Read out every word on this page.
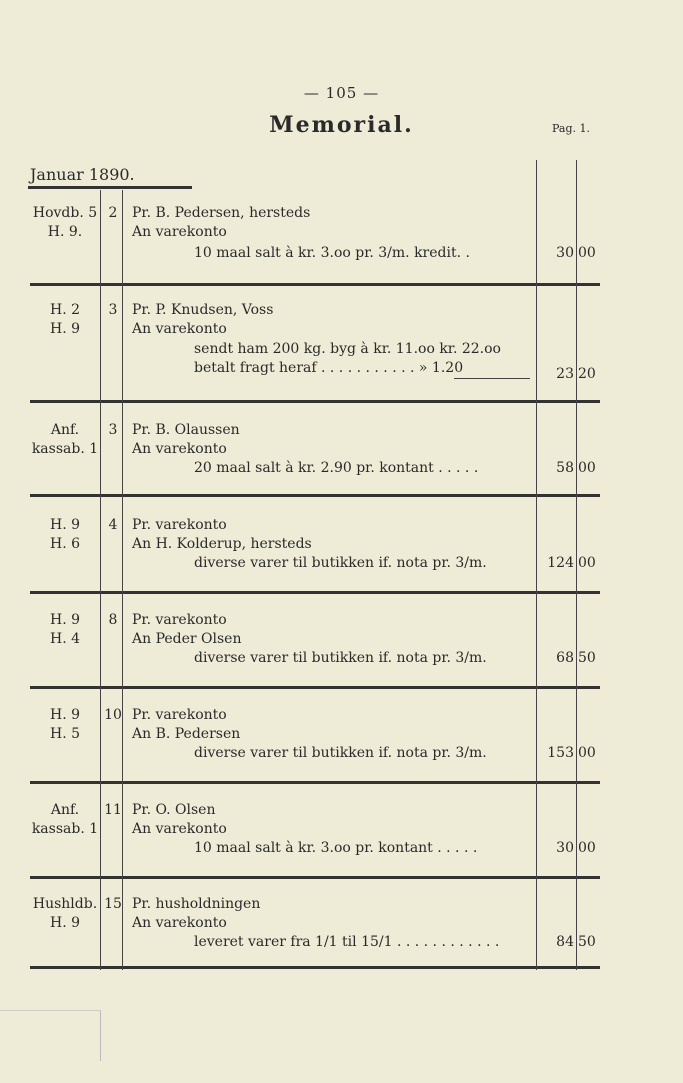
— 105 —
Memorial.	Pag. 1.
Januar 1890.
Hovdb. 5
H. 9.
2	Pr. B. Pedersen, hersteds
An varekonto
10 maal salt à kr. 3.oo pr. 3/m. kredit. .	30 00
H. 2
H. 9
3	Pr. P. Knudsen, Voss
An varekonto
sendt ham 200 kg. byg à kr. 11.oo kr. 22.oo
betalt fragt heraf . . . . . . . . . . . » 1.20	23 20
Anf.
kassab. 1
3	Pr. B. Olaussen
An varekonto
20 maal salt à kr. 2.90 pr. kontant . . . . .	58 00
H. 9
H. 6
4	Pr. varekonto
An H. Kolderup, hersteds
diverse varer til butikken if. nota pr. 3/m.	124 00
H. 9
H. 4
8	Pr. varekonto
An Peder Olsen
diverse varer til butikken if. nota pr. 3/m.	68 50
H. 9
H. 5
10 Pr. varekonto
An B. Pedersen
diverse varer til butikken if. nota pr. 3/m.	153 00
Anf.
kassab. 1
11 Pr. O. Olsen
An varekonto
10 maal salt à kr. 3.oo pr. kontant . . . . .	30 00
Hushldb.
H. 9
15 Pr. husholdningen
An varekonto
leveret varer fra 1/1 til 15/1 . . . . . . . . . . . .	84 50
